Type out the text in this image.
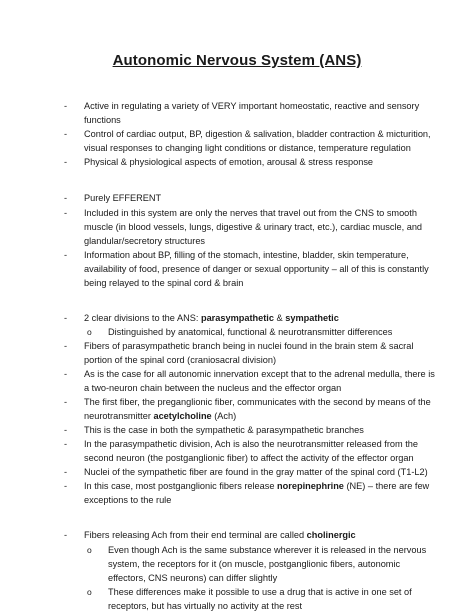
Autonomic Nervous System (ANS)
-	Active in regulating a variety of VERY important homeostatic, reactive and sensory
functions
-	Control of cardiac output, BP, digestion & salivation, bladder contraction & micturition,
visual responses to changing light conditions or distance, temperature regulation
-	Physical & physiological aspects of emotion, arousal & stress response
-	Purely EFFERENT
-	Included in this system are only the nerves that travel out from the CNS to smooth
muscle (in blood vessels, lungs, digestive & urinary tract, etc.), cardiac muscle, and
glandular/secretory structures
-	Information about BP, filling of the stomach, intestine, bladder, skin temperature,
availability of food, presence of danger or sexual opportunity – all of this is constantly
being relayed to the spinal cord & brain
-	2 clear divisions to the ANS: parasympathetic & sympathetic
o	Distinguished by anatomical, functional & neurotransmitter differences
-	Fibers of parasympathetic branch being in nuclei found in the brain stem & sacral
portion of the spinal cord (craniosacral division)
-	As is the case for all autonomic innervation except that to the adrenal medulla, there is
a two-neuron chain between the nucleus and the effector organ
-	The first fiber, the preganglionic fiber, communicates with the second by means of the
neurotransmitter acetylcholine (Ach)
-	This is the case in both the sympathetic & parasympathetic branches
-	In the parasympathetic division, Ach is also the neurotransmitter released from the
second neuron (the postganglionic fiber) to affect the activity of the effector organ
-	Nuclei of the sympathetic fiber are found in the gray matter of the spinal cord (T1-L2)
-	In this case, most postganglionic fibers release norepinephrine (NE) – there are few
exceptions to the rule
-	Fibers releasing Ach from their end terminal are called cholinergic
o	Even though Ach is the same substance wherever it is released in the nervous
system, the receptors for it (on muscle, postganglionic fibers, autonomic
effectors, CNS neurons) can differ slightly
o	These differences make it possible to use a drug that is active in one set of
receptors, but has virtually no activity at the rest
